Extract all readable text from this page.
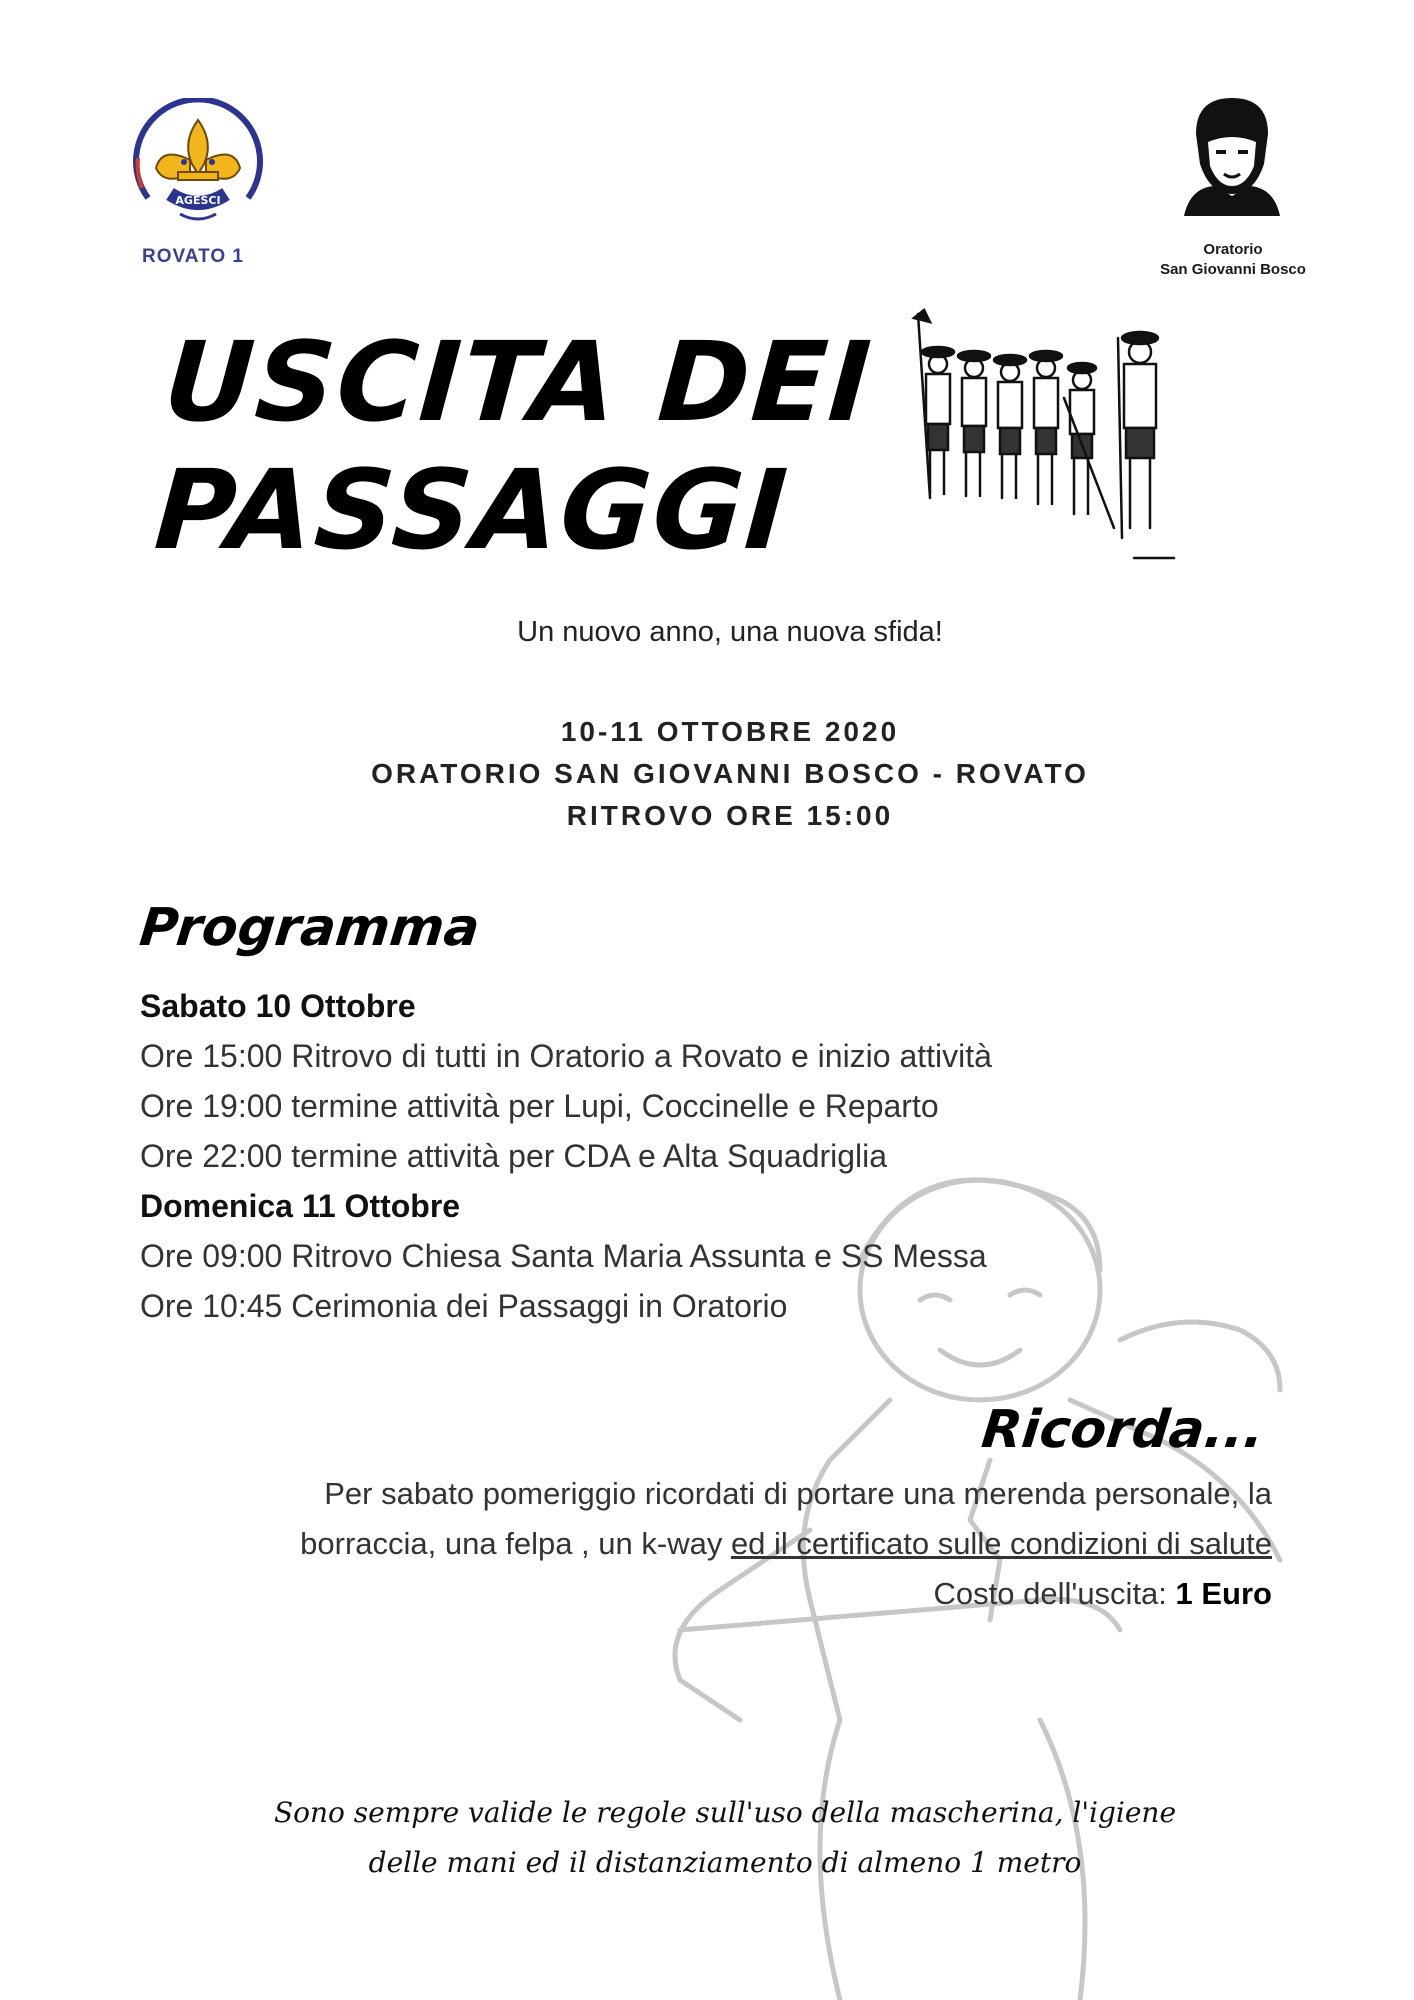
AGESCI
ROVATO 1	Oratorio
San Giovanni Bosco
USCITA DEI
PASSAGGI
Un nuovo anno, una nuova sfida!
10-11 OTTOBRE 2020
ORATORIO SAN GIOVANNI BOSCO - ROVATO
RITROVO ORE 15:00
Programma
Sabato 10 Ottobre
Ore 15:00 Ritrovo di tutti in Oratorio a Rovato e inizio attività
Ore 19:00 termine attività per Lupi, Coccinelle e Reparto
Ore 22:00 termine attività per CDA e Alta Squadriglia
Domenica 11 Ottobre
Ore 09:00 Ritrovo Chiesa Santa Maria Assunta e SS Messa
Ore 10:45 Cerimonia dei Passaggi in Oratorio
Ricorda...
Per sabato pomeriggio ricordati di portare una merenda personale, la
borraccia, una felpa , un k-way ed il certificato sulle condizioni di salute
Costo dell'uscita: 1 Euro
Sono sempre valide le regole sull'uso della mascherina, l'igiene
delle mani ed il distanziamento di almeno 1 metro
